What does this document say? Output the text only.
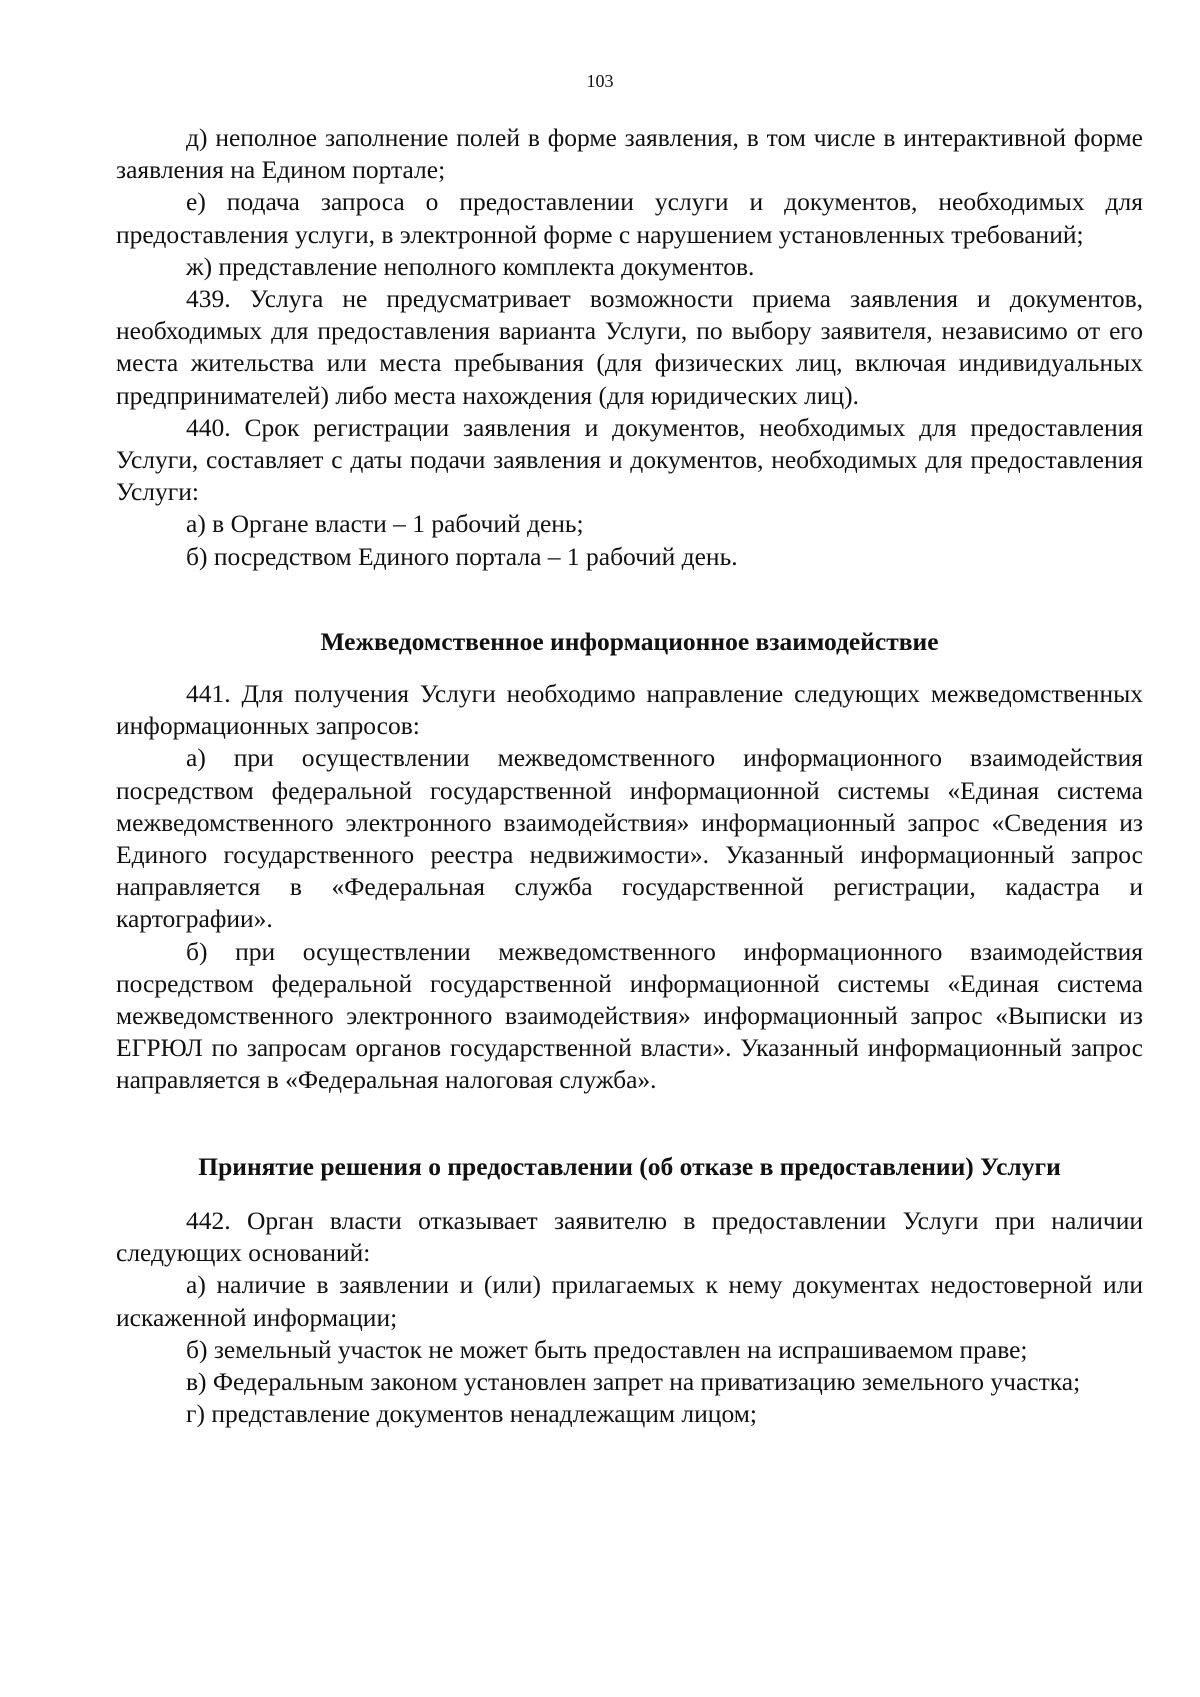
103

д) неполное заполнение полей в форме заявления, в том числе в интерактивной форме заявления на Едином портале;

е) подача запроса о предоставлении услуги и документов, необходимых для предоставления услуги, в электронной форме с нарушением установленных требований;

ж) представление неполного комплекта документов.

439. Услуга не предусматривает возможности приема заявления и документов, необходимых для предоставления варианта Услуги, по выбору заявителя, независимо от его места жительства или места пребывания (для физических лиц, включая индивидуальных предпринимателей) либо места нахождения (для юридических лиц).

440. Срок регистрации заявления и документов, необходимых для предоставления Услуги, составляет с даты подачи заявления и документов, необходимых для предоставления Услуги:

а) в Органе власти – 1 рабочий день;

б) посредством Единого портала – 1 рабочий день.

Межведомственное информационное взаимодействие

441. Для получения Услуги необходимо направление следующих межведомственных информационных запросов:

а) при осуществлении межведомственного информационного взаимодействия посредством федеральной государственной информационной системы «Единая система межведомственного электронного взаимодействия» информационный запрос «Сведения из Единого государственного реестра недвижимости». Указанный информационный запрос направляется в «Федеральная служба государственной регистрации, кадастра и картографии».

б) при осуществлении межведомственного информационного взаимодействия посредством федеральной государственной информационной системы «Единая система межведомственного электронного взаимодействия» информационный запрос «Выписки из ЕГРЮЛ по запросам органов государственной власти». Указанный информационный запрос направляется в «Федеральная налоговая служба».

Принятие решения о предоставлении (об отказе в предоставлении) Услуги

442. Орган власти отказывает заявителю в предоставлении Услуги при наличии следующих оснований:

а) наличие в заявлении и (или) прилагаемых к нему документах недостоверной или искаженной информации;

б) земельный участок не может быть предоставлен на испрашиваемом праве;

в) Федеральным законом установлен запрет на приватизацию земельного участка;

г) представление документов ненадлежащим лицом;
